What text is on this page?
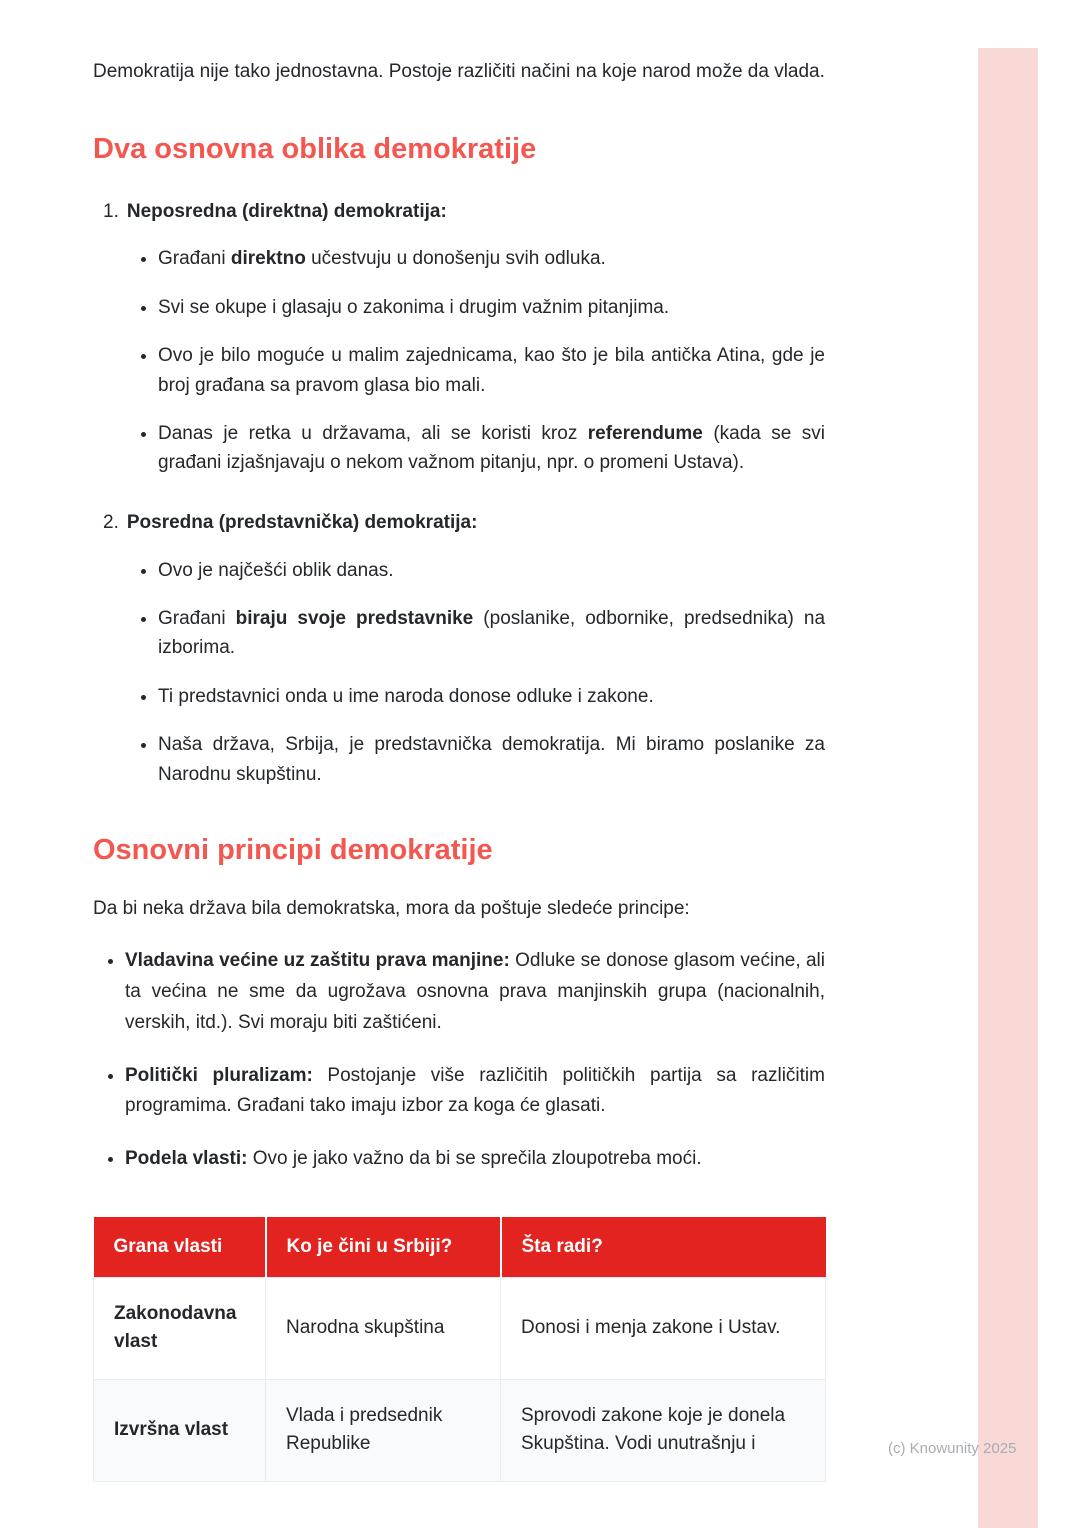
Demokratija nije tako jednostavna. Postoje različiti načini na koje narod može da vlada.

Dva osnovna oblika demokratije
1. Neposredna (direktna) demokratija:
• Građani direktno učestvuju u donošenju svih odluka.
• Svi se okupe i glasaju o zakonima i drugim važnim pitanjima.
• Ovo je bilo moguće u malim zajednicama, kao što je bila antička Atina, gde je broj građana sa pravom glasa bio mali.
• Danas je retka u državama, ali se koristi kroz referendume (kada se svi građani izjašnjavaju o nekom važnom pitanju, npr. o promeni Ustava).
2. Posredna (predstavnička) demokratija:
• Ovo je najčešći oblik danas.
• Građani biraju svoje predstavnike (poslanike, odbornike, predsednika) na izborima.
• Ti predstavnici onda u ime naroda donose odluke i zakone.
• Naša država, Srbija, je predstavnička demokratija. Mi biramo poslanike za Narodnu skupštinu.
Osnovni principi demokratije

Da bi neka država bila demokratska, mora da poštuje sledeće principe:

• Vladavina većine uz zaštitu prava manjine: Odluke se donose glasom većine, ali ta većina ne sme da ugrožava osnovna prava manjinskih grupa (nacionalnih, verskih, itd.). Svi moraju biti zaštićeni.
• Politički pluralizam: Postojanje više različitih političkih partija sa različitim programima. Građani tako imaju izbor za koga će glasati.
• Podela vlasti: Ovo je jako važno da bi se sprečila zloupotreba moći.
Grana vlasti	Ko je čini u Srbiji?	Šta radi?
Zakonodavna vlast	Narodna skupština	Donosi i menja zakone i Ustav.
Izvršna vlast	Vlada i predsednik Republike	Sprovodi zakone koje je donela Skupština. Vodi unutrašnju i	(c) Knowunity 2025
